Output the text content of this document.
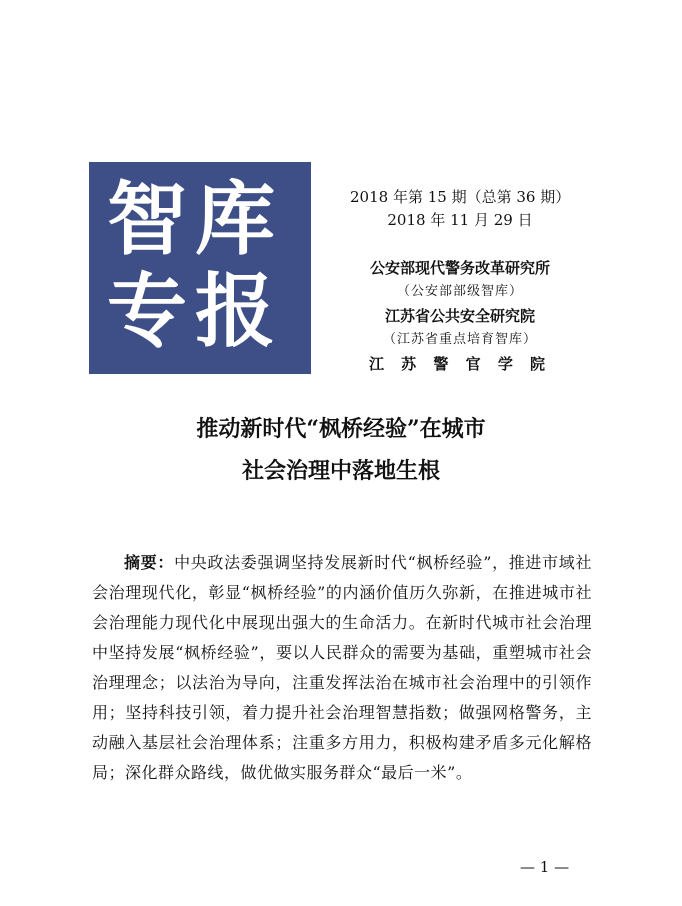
智库
专报
2018 年第 15 期（总第 36 期）
2018 年 11 月 29 日
公安部现代警务改革研究所
（公安部部级智库）
江苏省公共安全研究院
（江苏省重点培育智库）
江 苏 警 官 学 院
推动新时代“枫桥经验”在城市
社会治理中落地生根
摘要：中央政法委强调坚持发展新时代“枫桥经验”，推进市域社会治理现代化，彰显“枫桥经验”的内涵价值历久弥新，在推进城市社会治理能力现代化中展现出强大的生命活力。在新时代城市社会治理中坚持发展“枫桥经验”，要以人民群众的需要为基础，重塑城市社会治理理念；以法治为导向，注重发挥法治在城市社会治理中的引领作用；坚持科技引领，着力提升社会治理智慧指数；做强网格警务，主动融入基层社会治理体系；注重多方用力，积极构建矛盾多元化解格局；深化群众路线，做优做实服务群众“最后一米”。
— 1 —
